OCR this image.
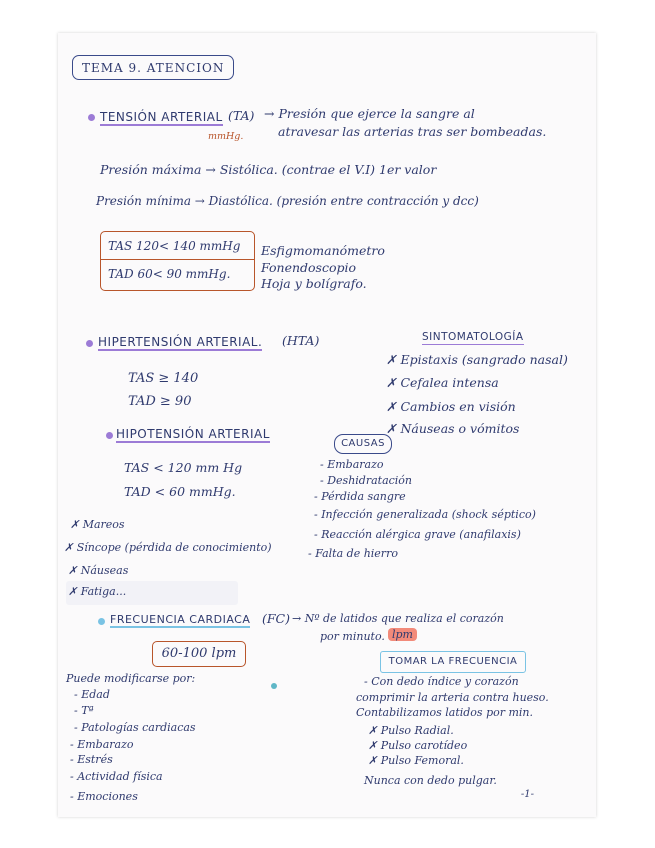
TEMA 9. ATENCION
TENSIÓN ARTERIAL (TA) → Presión que ejerce la sangre al
mmHg.	atravesar las arterias tras ser bombeadas.
Presión máxima → Sistólica. (contrae el V.I) 1er valor
Presión mínima → Diastólica. (presión entre contracción y dcc)
TAS 120< 140 mmHg
TAD 60< 90 mmHg.
Esfigmomanómetro
Fonendoscopio
Hoja y bolígrafo.
HIPERTENSIÓN ARTERIAL. (HTA)
TAS ≥ 140
TAD ≥ 90
SINTOMATOLOGÍA
✗ Epistaxis (sangrado nasal)
✗ Cefalea intensa
✗ Cambios en visión
✗ Náuseas o vómitos
HIPOTENSIÓN ARTERIAL
TAS < 120 mm Hg
TAD < 60 mmHg.
CAUSAS
- Embarazo
- Deshidratación
- Pérdida sangre
- Infección generalizada (shock séptico)
- Reacción alérgica grave (anafilaxis)
- Falta de hierro
✗ Mareos
✗ Síncope (pérdida de conocimiento)
✗ Náuseas
✗ Fatiga...
FRECUENCIA CARDIACA (FC) → Nº de latidos que realiza el corazón
por minuto. lpm
60-100 lpm
Puede modificarse por:
- Edad
- Tª
- Patologías cardiacas
- Embarazo
- Estrés
- Actividad física
- Emociones
TOMAR LA FRECUENCIA
- Con dedo índice y corazón
comprimir la arteria contra hueso.
Contabilizamos latidos por min.
✗ Pulso Radial.
✗ Pulso carotídeo
✗ Pulso Femoral.
Nunca con dedo pulgar.
-1-
